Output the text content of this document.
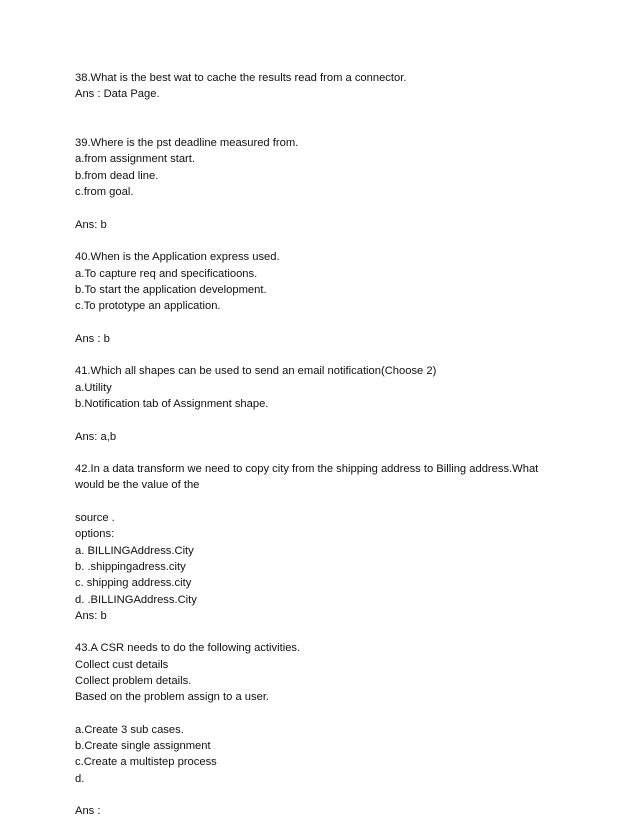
38.What is the best wat to cache the results read from a connector.
Ans : Data Page.
39.Where is the pst deadline measured from.
a.from assignment start.
b.from dead line.
c.from goal.
Ans: b
40.When is the Application express used.
a.To capture req and specificatioons.
b.To start the application development.
c.To prototype an application.
Ans : b
41.Which all shapes can be used to send an email notification(Choose 2)
a.Utility
b.Notification tab of Assignment shape.
Ans: a,b
42.In a data transform we need to copy city from the shipping address to Billing address.What
would be the value of the
source .
options:
a. BILLINGAddress.City
b. .shippingadress.city
c. shipping address.city
d. .BILLINGAddress.City
Ans: b
43.A CSR needs to do the following activities.
Collect cust details
Collect problem details.
Based on the problem assign to a user.
a.Create 3 sub cases.
b.Create single assignment
c.Create a multistep process
d.
Ans :
